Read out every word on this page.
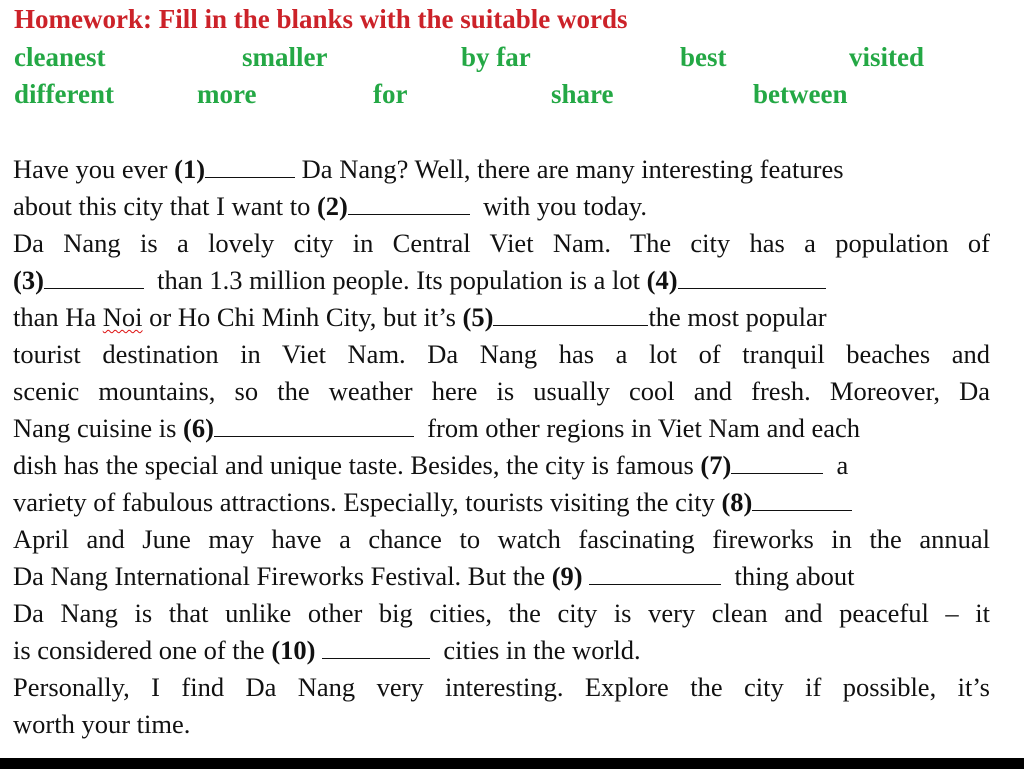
Homework: Fill in the blanks with the suitable words
cleanest	smaller	by far	best	visited
different	more	for	share	between
Have you ever (1)	Da Nang? Well, there are many interesting features
about this city that I want to (2)	with you today.
Da Nang is a lovely city in Central Viet Nam. The city has a population of
(3)	than 1.3 million people. Its population is a lot (4)
than Ha Noi or Ho Chi Minh City, but it’s (5)	the most popular
tourist destination in Viet Nam. Da Nang has a lot of tranquil beaches and
scenic mountains, so the weather here is usually cool and fresh. Moreover, Da
Nang cuisine is (6)	from other regions in Viet Nam and each
dish has the special and unique taste. Besides, the city is famous (7)	a
variety of fabulous attractions. Especially, tourists visiting the city (8)
April and June may have a chance to watch fascinating fireworks in the annual
Da Nang International Fireworks Festival. But the (9)	thing about
Da Nang is that unlike other big cities, the city is very clean and peaceful – it
is considered one of the (10)	cities in the world.
Personally, I find Da Nang very interesting. Explore the city if possible, it’s
worth your time.
